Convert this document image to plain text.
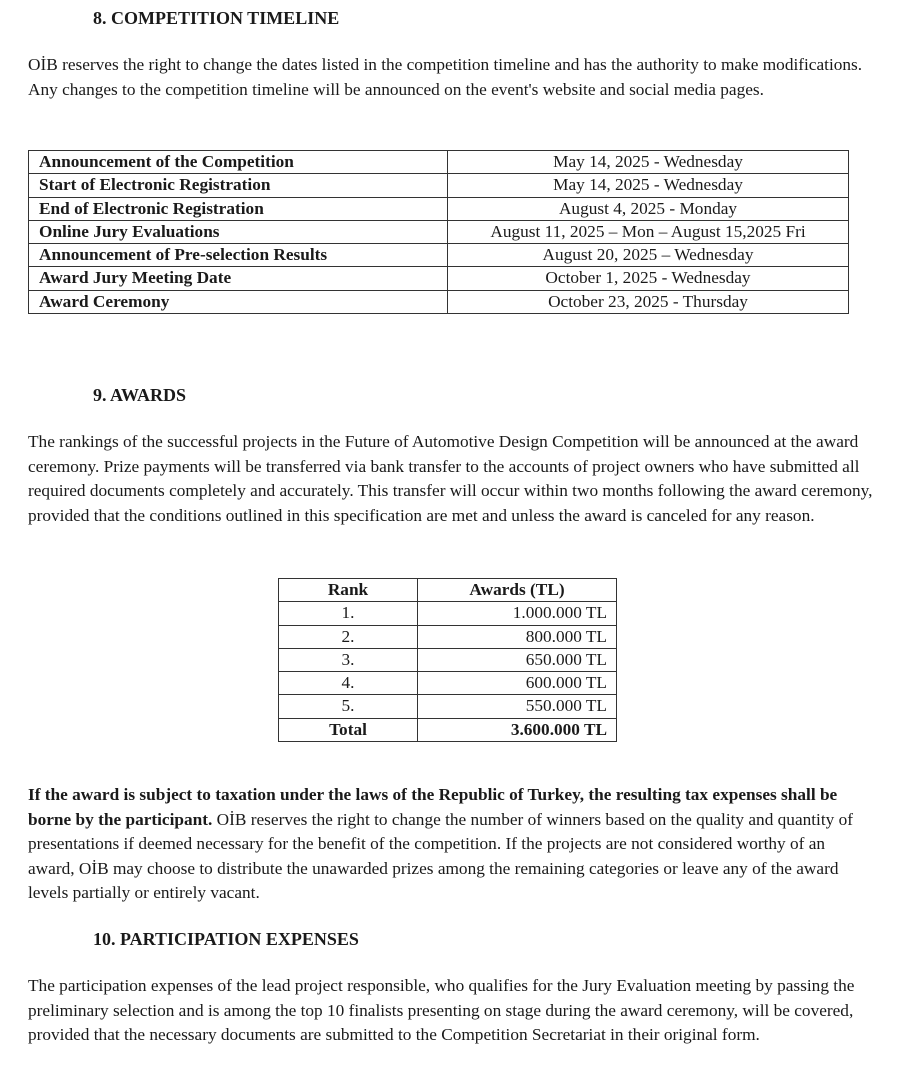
8. COMPETITION TIMELINE

OİB reserves the right to change the dates listed in the competition timeline and has the authority to make modifications. Any changes to the competition timeline will be announced on the event's website and social media pages.

Announcement of the Competition	May 14, 2025 - Wednesday
Start of Electronic Registration	May 14, 2025 - Wednesday
End of Electronic Registration	August 4, 2025 - Monday
Online Jury Evaluations	August 11, 2025 – Mon – August 15,2025 Fri
Announcement of Pre-selection Results	August 20, 2025 – Wednesday
Award Jury Meeting Date	October 1, 2025 - Wednesday
Award Ceremony	October 23, 2025 - Thursday
9. AWARDS

The rankings of the successful projects in the Future of Automotive Design Competition will be announced at the award ceremony. Prize payments will be transferred via bank transfer to the accounts of project owners who have submitted all required documents completely and accurately. This transfer will occur within two months following the award ceremony, provided that the conditions outlined in this specification are met and unless the award is canceled for any reason.

Rank	Awards (TL)
1.	1.000.000 TL
2.	800.000 TL
3.	650.000 TL
4.	600.000 TL
5.	550.000 TL
Total	3.600.000 TL

If the award is subject to taxation under the laws of the Republic of Turkey, the resulting tax expenses shall be borne by the participant. OİB reserves the right to change the number of winners based on the quality and quantity of presentations if deemed necessary for the benefit of the competition. If the projects are not considered worthy of an award, OİB may choose to distribute the unawarded prizes among the remaining categories or leave any of the award levels partially or entirely vacant.

10. PARTICIPATION EXPENSES

The participation expenses of the lead project responsible, who qualifies for the Jury Evaluation meeting by passing the preliminary selection and is among the top 10 finalists presenting on stage during the award ceremony, will be covered, provided that the necessary documents are submitted to the Competition Secretariat in their original form.
